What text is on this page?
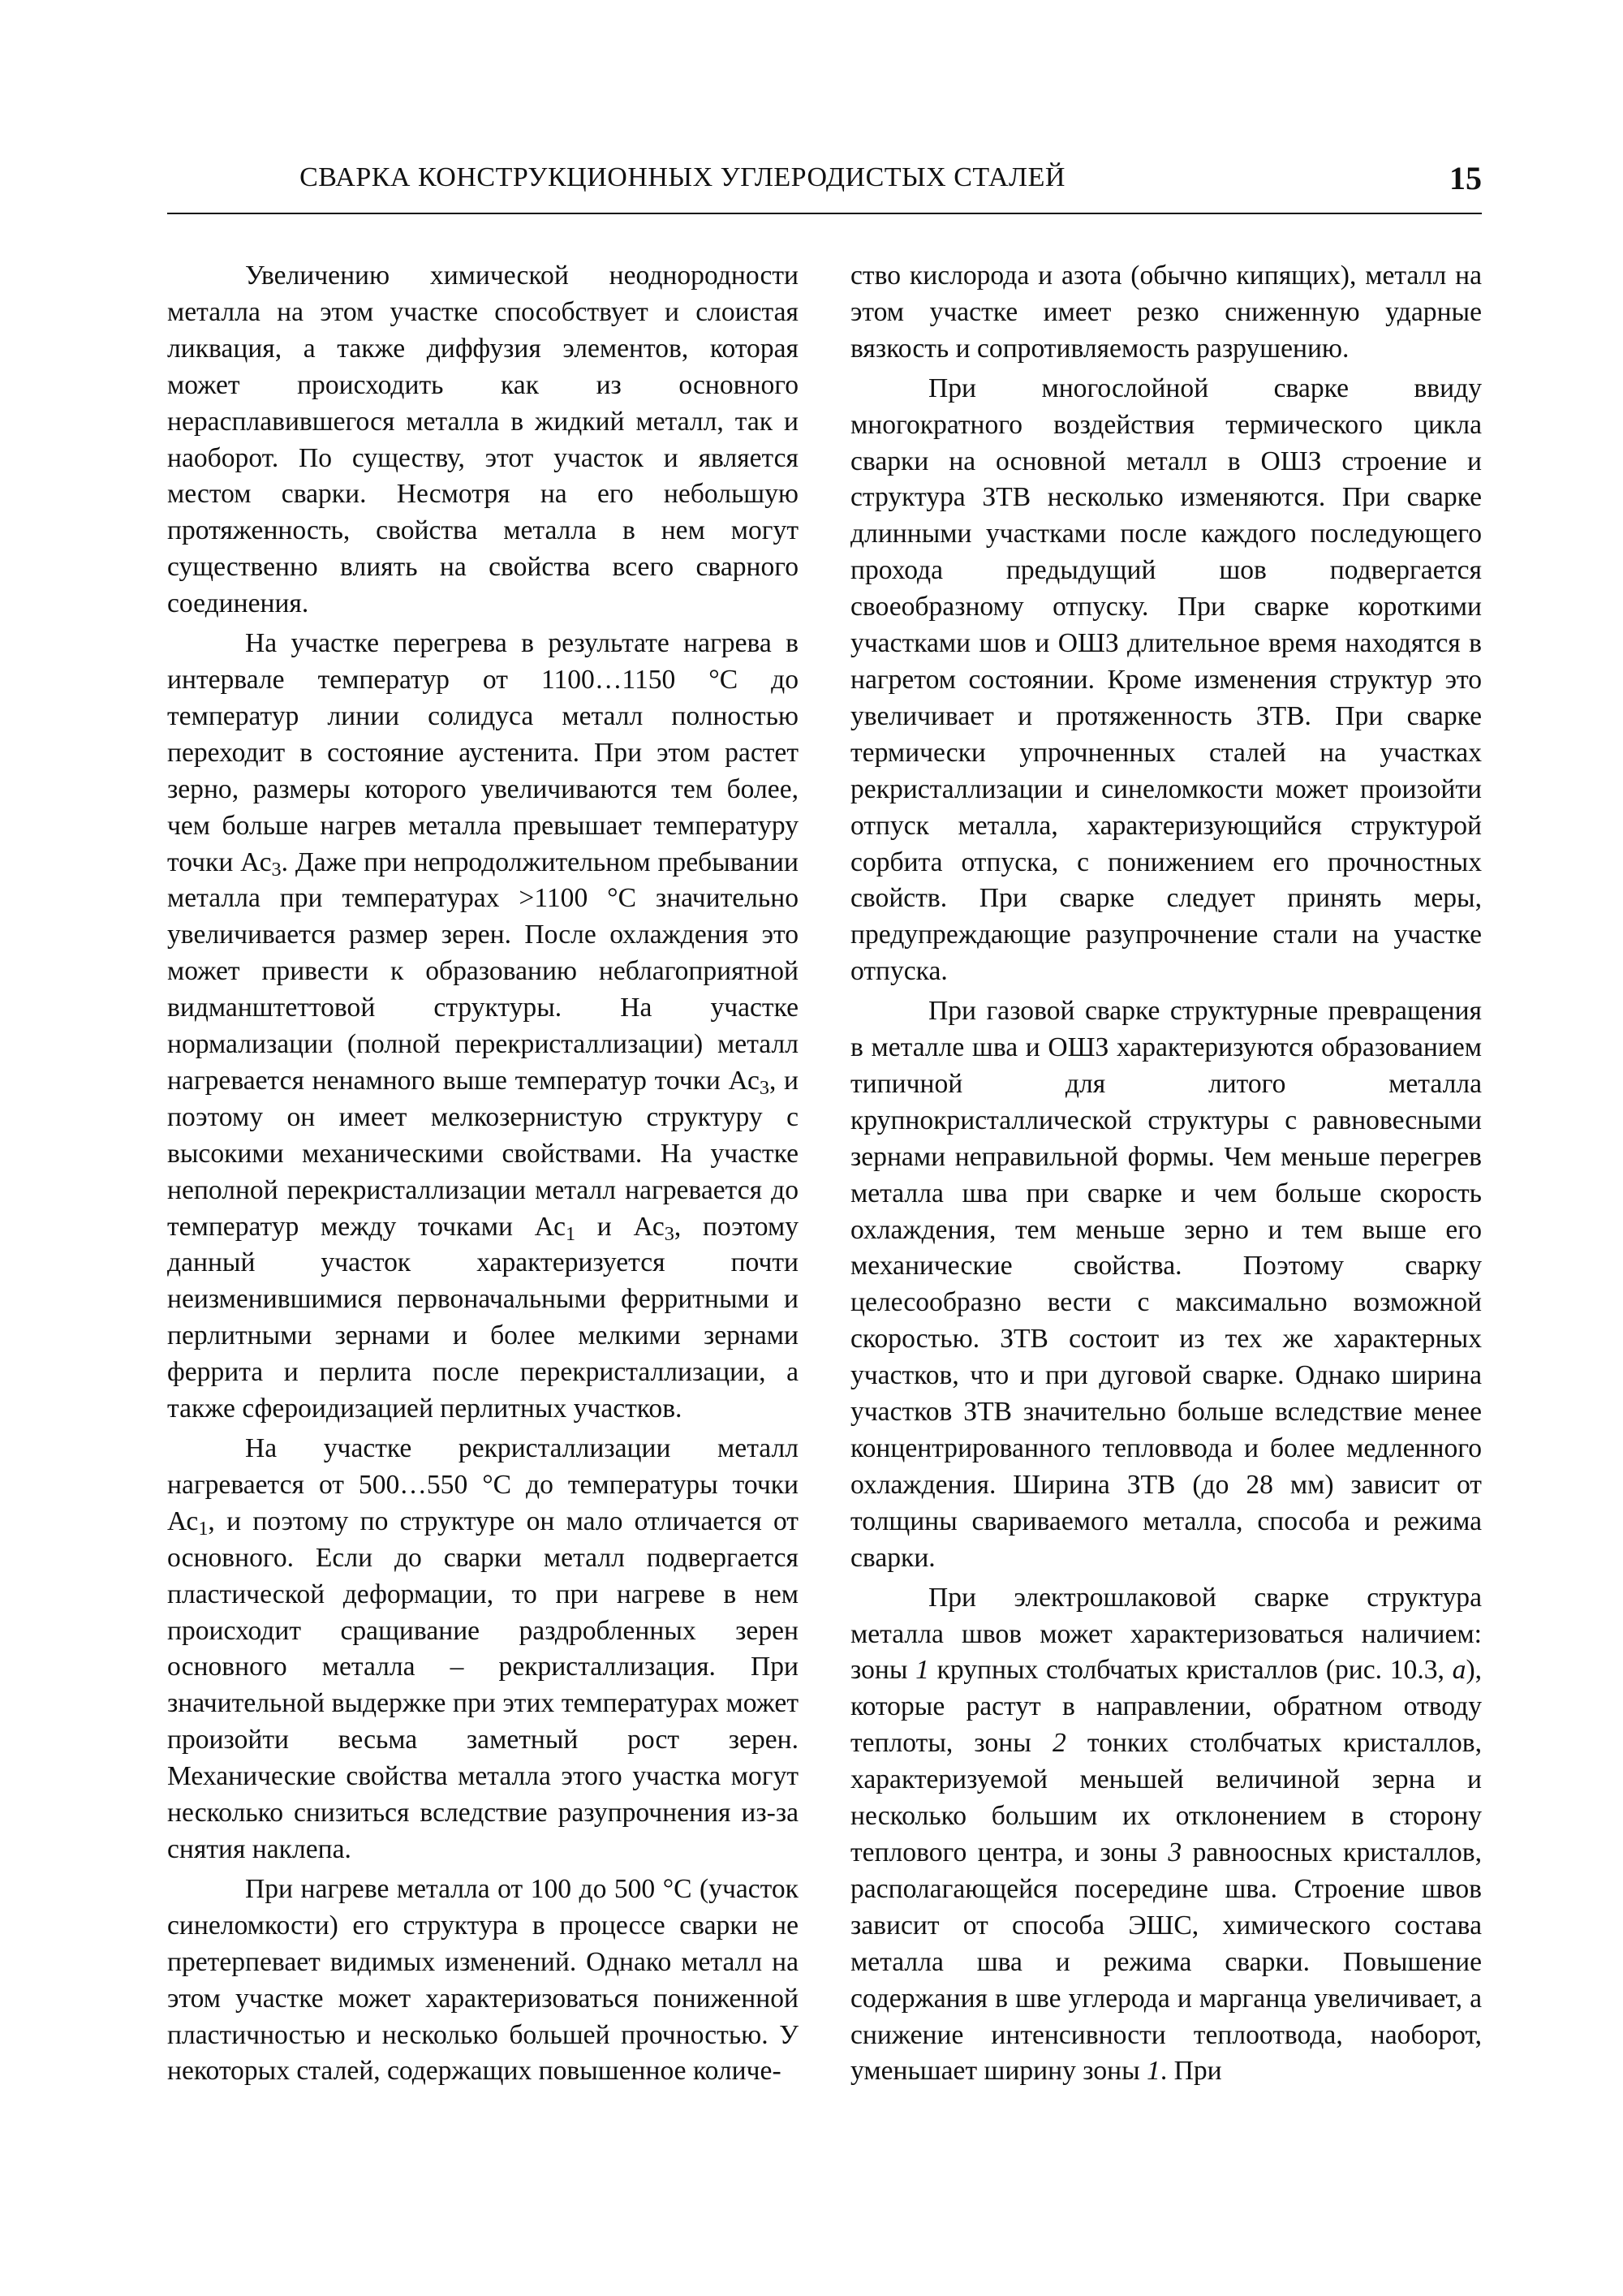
СВАРКА КОНСТРУКЦИОННЫХ УГЛЕРОДИСТЫХ СТАЛЕЙ	15

Увеличению химической неоднородности металла на этом участке способствует и слоистая ликвация, а также диффузия элементов, которая может происходить как из основного нерасплавившегося металла в жидкий металл, так и наоборот. По существу, этот участок и является местом сварки. Несмотря на его небольшую протяженность, свойства металла в нем могут существенно влиять на свойства всего сварного соединения.

На участке перегрева в результате нагрева в интервале температур от 1100…1150 °С до температур линии солидуса металл полностью переходит в состояние аустенита. При этом растет зерно, размеры которого увеличиваются тем более, чем больше нагрев металла превышает температуру точки $Ас_3$. Даже при непродолжительном пребывании металла при температурах >1100 °С значительно увеличивается размер зерен. После охлаждения это может привести к образованию неблагоприятной видманштеттовой структуры. На участке нормализации (полной перекристаллизации) металл нагревается ненамного выше температур точки $Ас_3$, и поэтому он имеет мелкозернистую структуру с высокими механическими свойствами. На участке неполной перекристаллизации металл нагревается до температур между точками $Ас_1$ и $Ас_3$, поэтому данный участок характеризуется почти неизменившимися первоначальными ферритными и перлитными зернами и более мелкими зернами феррита и перлита после перекристаллизации, а также сфероидизацией перлитных участков.

На участке рекристаллизации металл нагревается от 500…550 °С до температуры точки $Ас_1$, и поэтому по структуре он мало отличается от основного. Если до сварки металл подвергается пластической деформации, то при нагреве в нем происходит сращивание раздробленных зерен основного металла – рекристаллизация. При значительной выдержке при этих температурах может произойти весьма заметный рост зерен. Механические свойства металла этого участка могут несколько снизиться вследствие разупрочнения из-за снятия наклепа.

При нагреве металла от 100 до 500 °С (участок синеломкости) его структура в процессе сварки не претерпевает видимых изменений. Однако металл на этом участке может характеризоваться пониженной пластичностью и несколько большей прочностью. У некоторых сталей, содержащих повышенное количе-

ство кислорода и азота (обычно кипящих), металл на этом участке имеет резко сниженную ударные вязкость и сопротивляемость разрушению.

При многослойной сварке ввиду многократного воздействия термического цикла сварки на основной металл в ОШЗ строение и структура ЗТВ несколько изменяются. При сварке длинными участками после каждого последующего прохода предыдущий шов подвергается своеобразному отпуску. При сварке короткими участками шов и ОШЗ длительное время находятся в нагретом состоянии. Кроме изменения структур это увеличивает и протяженность ЗТВ. При сварке термически упрочненных сталей на участках рекристаллизации и синеломкости может произойти отпуск металла, характеризующийся структурой сорбита отпуска, с понижением его прочностных свойств. При сварке следует принять меры, предупреждающие разупрочнение стали на участке отпуска.

При газовой сварке структурные превращения в металле шва и ОШЗ характеризуются образованием типичной для литого металла крупнокристаллической структуры с равновесными зернами неправильной формы. Чем меньше перегрев металла шва при сварке и чем больше скорость охлаждения, тем меньше зерно и тем выше его механические свойства. Поэтому сварку целесообразно вести с максимально возможной скоростью. ЗТВ состоит из тех же характерных участков, что и при дуговой сварке. Однако ширина участков ЗТВ значительно больше вследствие менее концентрированного тепловвода и более медленного охлаждения. Ширина ЗТВ (до 28 мм) зависит от толщины свариваемого металла, способа и режима сварки.

При электрошлаковой сварке структура металла швов может характеризоваться наличием: зоны 1 крупных столбчатых кристаллов (рис. 10.3, а), которые растут в направлении, обратном отводу теплоты, зоны 2 тонких столбчатых кристаллов, характеризуемой меньшей величиной зерна и несколько большим их отклонением в сторону теплового центра, и зоны 3 равноосных кристаллов, располагающейся посередине шва. Строение швов зависит от способа ЭШС, химического состава металла шва и режима сварки. Повышение содержания в шве углерода и марганца увеличивает, а снижение интенсивности теплоотвода, наоборот, уменьшает ширину зоны 1. При
